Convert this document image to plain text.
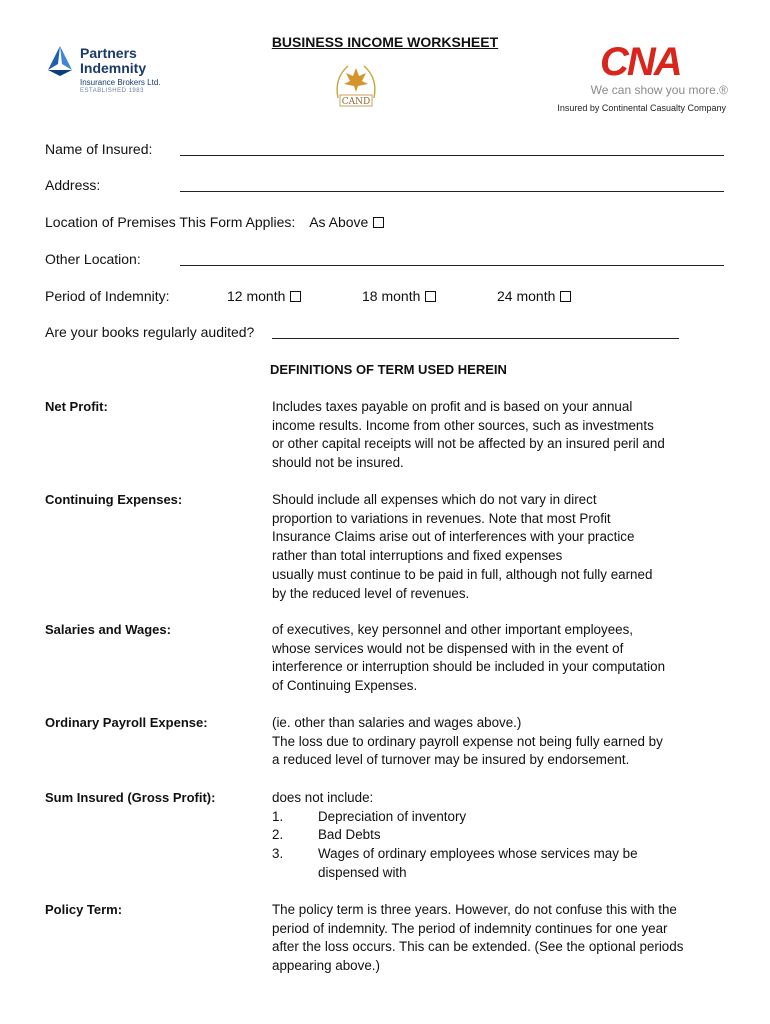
BUSINESS INCOME WORKSHEET
Partners
Indemnity
Insurance Brokers Ltd.
ESTABLISHED 1983
CAND
CNA
We can show you more.®
Insured by Continental Casualty Company
Name of Insured:
Address:
Location of Premises This Form Applies: As Above
Other Location:
Period of Indemnity:	12 month	18 month	24 month
Are your books regularly audited?
DEFINITIONS OF TERM USED HEREIN
Net Profit:	Includes taxes payable on profit and is based on your annual
income results. Income from other sources, such as investments
or other capital receipts will not be affected by an insured peril and
should not be insured.
Continuing Expenses:	Should include all expenses which do not vary in direct
proportion to variations in revenues. Note that most Profit
Insurance Claims arise out of interferences with your practice
rather than total interruptions and fixed expenses
usually must continue to be paid in full, although not fully earned
by the reduced level of revenues.
Salaries and Wages:	of executives, key personnel and other important employees,
whose services would not be dispensed with in the event of
interference or interruption should be included in your computation
of Continuing Expenses.
Ordinary Payroll Expense:	(ie. other than salaries and wages above.)
The loss due to ordinary payroll expense not being fully earned by
a reduced level of turnover may be insured by endorsement.
Sum Insured (Gross Profit):	does not include:
1.	Depreciation of inventory
2.	Bad Debts
3.	Wages of ordinary employees whose services may be
dispensed with
Policy Term:	The policy term is three years. However, do not confuse this with the
period of indemnity. The period of indemnity continues for one year
after the loss occurs. This can be extended. (See the optional periods
appearing above.)
